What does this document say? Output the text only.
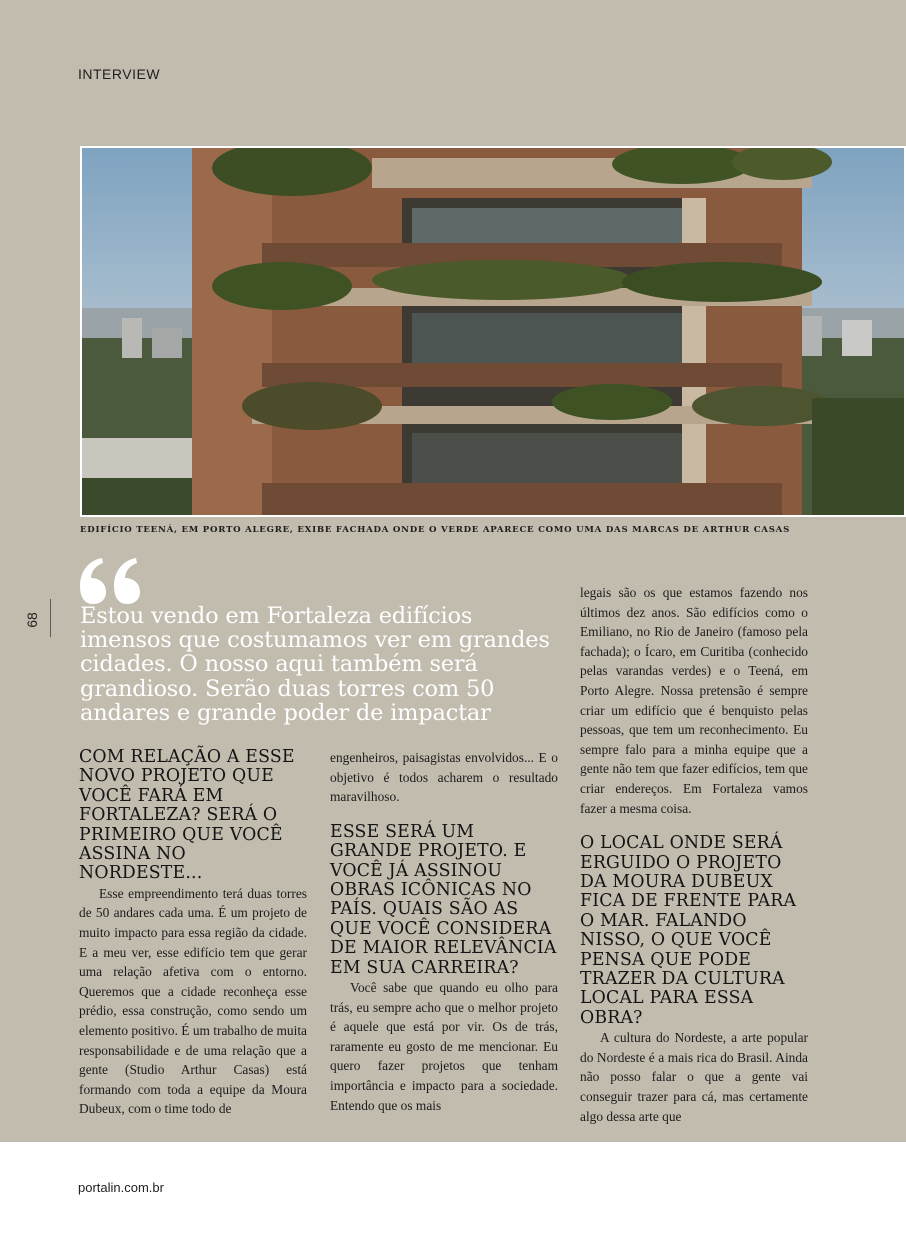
INTERVIEW
EDIFÍCIO TEENÁ, EM PORTO ALEGRE, EXIBE FACHADA ONDE O VERDE APARECE COMO UMA DAS MARCAS DE ARTHUR CASAS
68 Estou vendo em Fortaleza edifícios imensos que costumamos ver em grandes cidades. O nosso aqui também será grandioso. Serão duas torres com 50 andares e grande poder de impactar
COM RELAÇÃO A ESSE NOVO PROJETO QUE VOCÊ FARÁ EM FORTALEZA? SERÁ O PRIMEIRO QUE VOCÊ ASSINA NO NORDESTE...

Esse empreendimento terá duas torres de 50 andares cada uma. É um projeto de muito impacto para essa região da cidade. E a meu ver, esse edifício tem que gerar uma relação afetiva com o entorno. Queremos que a cidade reconheça esse prédio, essa construção, como sendo um elemento positivo. É um trabalho de muita responsabilidade e de uma relação que a gente (Studio Arthur Casas) está formando com toda a equipe da Moura Dubeux, com o time todo de

engenheiros, paisagistas envolvidos... E o objetivo é todos acharem o resultado maravilhoso.

ESSE SERÁ UM GRANDE PROJETO. E VOCÊ JÁ ASSINOU OBRAS ICÔNICAS NO PAÍS. QUAIS SÃO AS QUE VOCÊ CONSIDERA DE MAIOR RELEVÂNCIA EM SUA CARREIRA?

Você sabe que quando eu olho para trás, eu sempre acho que o melhor projeto é aquele que está por vir. Os de trás, raramente eu gosto de me mencionar. Eu quero fazer projetos que tenham importância e impacto para a sociedade. Entendo que os mais

legais são os que estamos fazendo nos últimos dez anos. São edifícios como o Emiliano, no Rio de Janeiro (famoso pela fachada); o Ícaro, em Curitiba (conhecido pelas varandas verdes) e o Teená, em Porto Alegre. Nossa pretensão é sempre criar um edifício que é benquisto pelas pessoas, que tem um reconhecimento. Eu sempre falo para a minha equipe que a gente não tem que fazer edifícios, tem que criar endereços. Em Fortaleza vamos fazer a mesma coisa.

O LOCAL ONDE SERÁ ERGUIDO O PROJETO DA MOURA DUBEUX FICA DE FRENTE PARA O MAR. FALANDO NISSO, O QUE VOCÊ PENSA QUE PODE TRAZER DA CULTURA LOCAL PARA ESSA OBRA?

A cultura do Nordeste, a arte popular do Nordeste é a mais rica do Brasil. Ainda não posso falar o que a gente vai conseguir trazer para cá, mas certamente algo dessa arte que

portalin.com.br
